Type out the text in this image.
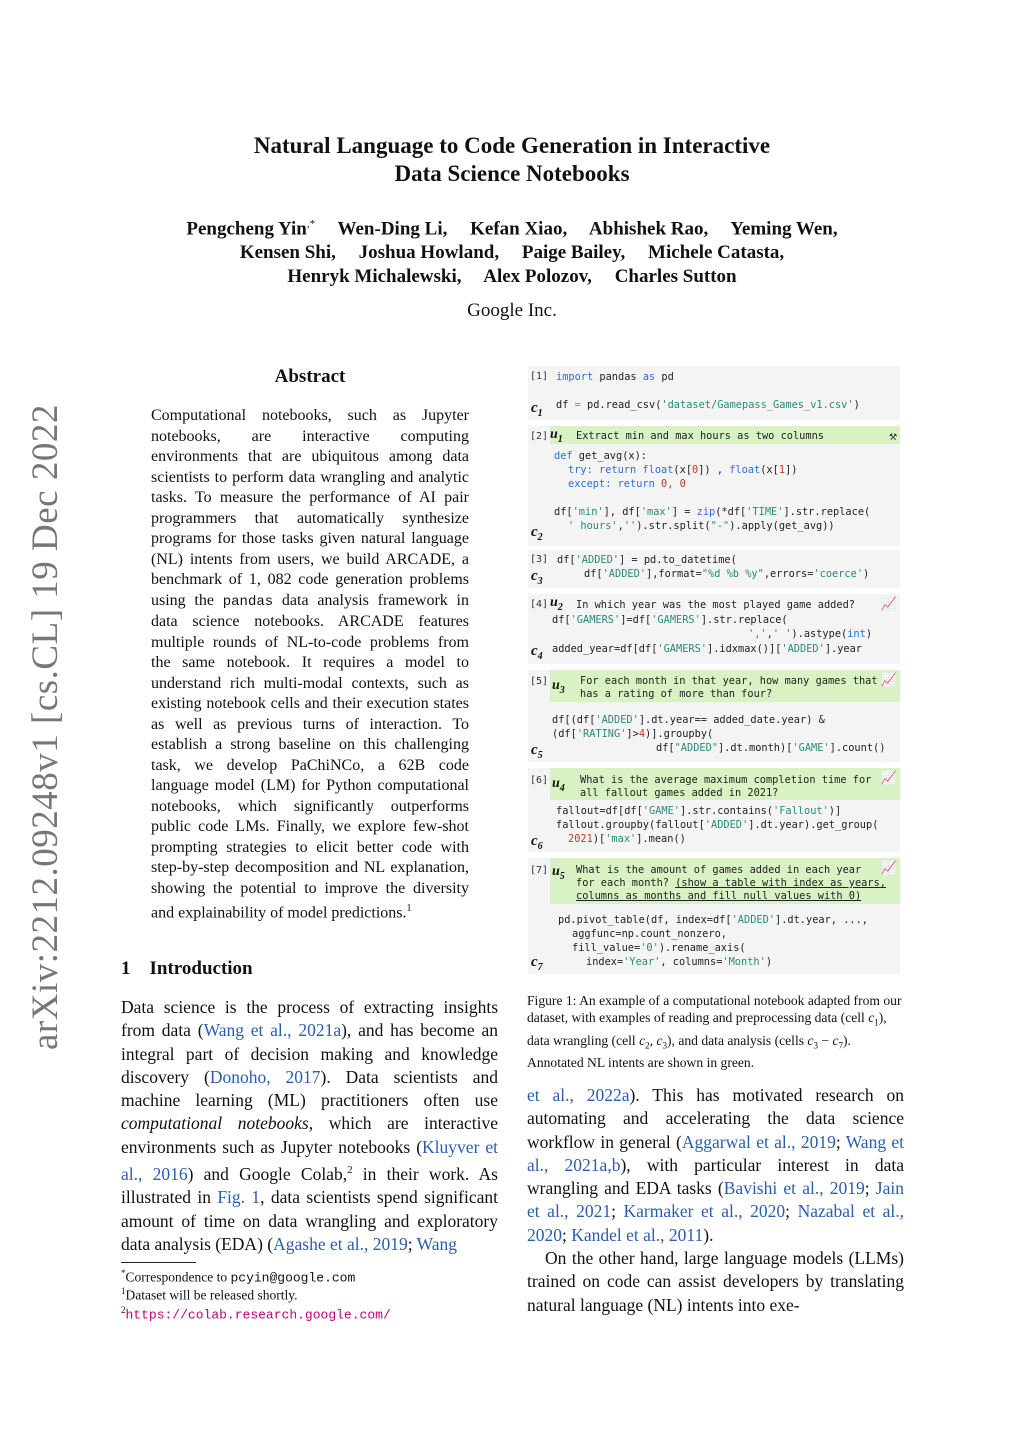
Natural Language to Code Generation in Interactive
Data Science Notebooks
Pengcheng Yin,* Wen-Ding Li, Kefan Xiao, Abhishek Rao, Yeming Wen,
Kensen Shi, Joshua Howland, Paige Bailey, Michele Catasta,
Henryk Michalewski, Alex Polozov, Charles Sutton
Google Inc.
arXiv:2212.09248v1 [cs.CL] 19 Dec 2022
Abstract
Computational notebooks, such as Jupyter notebooks, are interactive computing environments that are ubiquitous among data scientists to perform data wrangling and analytic tasks. To measure the performance of AI pair programmers that automatically synthesize programs for those tasks given natural language (NL) intents from users, we build ARCADE, a benchmark of 1, 082 code generation problems using the pandas data analysis framework in data science notebooks. ARCADE features multiple rounds of NL-to-code problems from the same notebook. It requires a model to understand rich multi-modal contexts, such as existing notebook cells and their execution states as well as previous turns of interaction. To establish a strong baseline on this challenging task, we develop PaChiNCo, a 62B code language model (LM) for Python computational notebooks, which significantly outperforms public code LMs. Finally, we explore few-shot prompting strategies to elicit better code with step-by-step decomposition and NL explanation, showing the potential to improve the diversity and explainability of model predictions.$^1$
1 Introduction
Data science is the process of extracting insights from data (Wang et al., 2021a), and has become an integral part of decision making and knowledge discovery (Donoho, 2017). Data scientists and machine learning (ML) practitioners often use computational notebooks, which are interactive environments such as Jupyter notebooks (Kluyver et al., 2016) and Google Colab,$^2$ in their work. As illustrated in Fig. 1, data scientists spend significant amount of time on data wrangling and exploratory data analysis (EDA) (Agashe et al., 2019; Wang
*Correspondence to pcyin@google.com
$^1$Dataset will be released shortly.
$^2$https://colab.research.google.com/
[1]
$c_1$
import pandas as pd
df = pd.read_csv('dataset/Gamepass_Games_v1.csv')
[2] $u_1$ Extract min and max hours as two columns	⚒
def get_avg(x):
try: return float(x[0]) , float(x[1])
except: return 0, 0
df['min'], df['max'] = zip(*df['TIME'].str.replace(
' hours','').str.split("-").apply(get_avg))
$c_2$
[3] df['ADDED'] = pd.to_datetime(
df['ADDED'],format="%d %b %y",errors='coerce')
$c_3$
[4] $u_2$ In which year was the most played game added? 📈
df['GAMERS']=df['GAMERS'].str.replace(
',',' ').astype(int)
added_year=df[df['GAMERS'].idxmax()]['ADDED'].year
$c_4$
[5] $u_3$
For each month in that year, how many games that
has a rating of more than four?
📈
df[(df['ADDED'].dt.year== added_date.year) &
(df['RATING']>4)].groupby(
df["ADDED"].dt.month)['GAME'].count()
$c_5$
[6] $u_4$
What is the average maximum completion time for
all fallout games added in 2021?
📈
fallout=df[df['GAME'].str.contains('Fallout')]
fallout.groupby(fallout['ADDED'].dt.year).get_group(
2021)['max'].mean()
$c_6$
[7] $u_5$
What is the amount of games added in each year
for each month? (show a table with index as years,
columns as months and fill null values with 0)
📈
pd.pivot_table(df, index=df['ADDED'].dt.year, ...,
aggfunc=np.count_nonzero,
fill_value='0').rename_axis(
index='Year', columns='Month')
$c_7$
Figure 1: An example of a computational notebook adapted from our dataset, with examples of reading and preprocessing data (cell $c_1$), data wrangling (cell $c_2$, $c_3$), and data analysis (cells $c_3 - c_7$). Annotated NL intents are shown in green.
et al., 2022a). This has motivated research on automating and accelerating the data science workflow in general (Aggarwal et al., 2019; Wang et al., 2021a,b), with particular interest in data wrangling and EDA tasks (Bavishi et al., 2019; Jain et al., 2021; Karmaker et al., 2020; Nazabal et al., 2020; Kandel et al., 2011).
On the other hand, large language models (LLMs) trained on code can assist developers by translating natural language (NL) intents into exe-
